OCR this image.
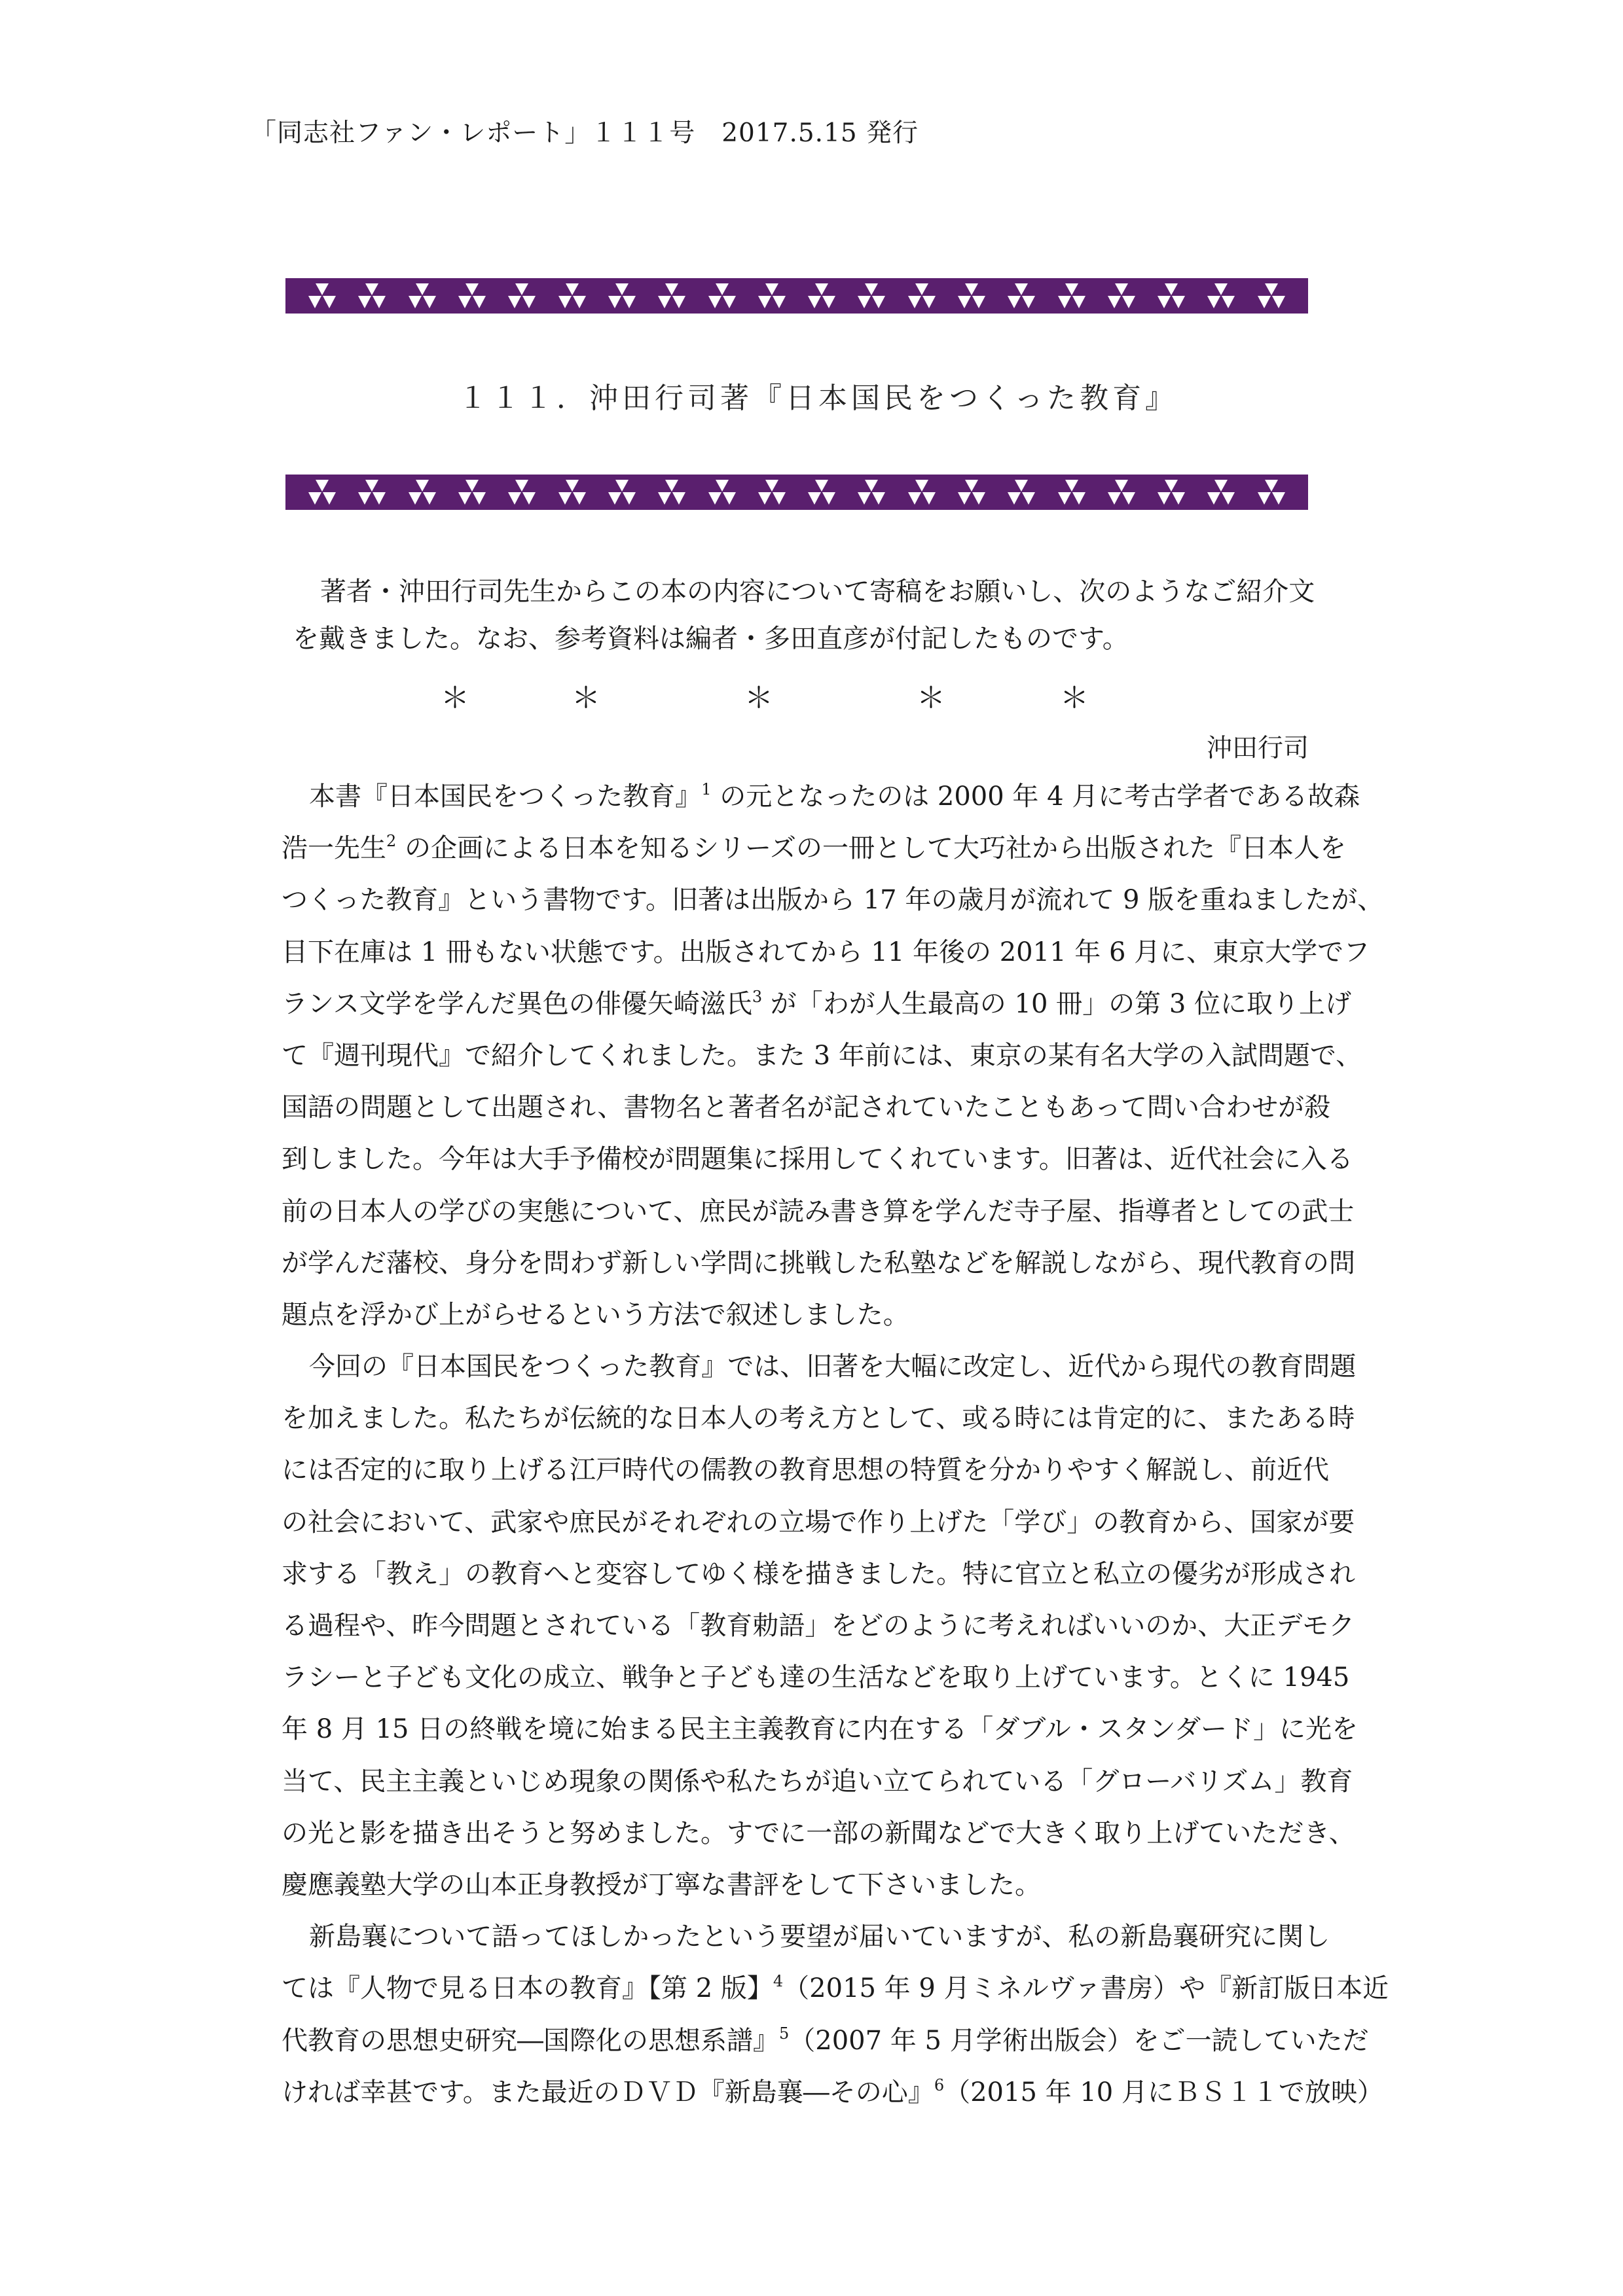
「同志社ファン・レポート」１１１号　2017.5.15 発行
１１１．沖田行司著『日本国民をつくった教育』
著者・沖田行司先生からこの本の内容について寄稿をお願いし、次のようなご紹介文
を戴きました。なお、参考資料は編者・多田直彦が付記したものです。
＊	＊	＊	＊	＊
沖田行司
本書『日本国民をつくった教育』$^1$ の元となったのは 2000 年 4 月に考古学者である故森
浩一先生$^2$ の企画による日本を知るシリーズの一冊として大巧社から出版された『日本人を
つくった教育』という書物です。旧著は出版から 17 年の歳月が流れて 9 版を重ねましたが、
目下在庫は 1 冊もない状態です。出版されてから 11 年後の 2011 年 6 月に、東京大学でフ
ランス文学を学んだ異色の俳優矢崎滋氏$^3$ が「わが人生最高の 10 冊」の第 3 位に取り上げ
て『週刊現代』で紹介してくれました。また 3 年前には、東京の某有名大学の入試問題で、
国語の問題として出題され、書物名と著者名が記されていたこともあって問い合わせが殺
到しました。今年は大手予備校が問題集に採用してくれています。旧著は、近代社会に入る
前の日本人の学びの実態について、庶民が読み書き算を学んだ寺子屋、指導者としての武士
が学んだ藩校、身分を問わず新しい学問に挑戦した私塾などを解説しながら、現代教育の問
題点を浮かび上がらせるという方法で叙述しました。
今回の『日本国民をつくった教育』では、旧著を大幅に改定し、近代から現代の教育問題
を加えました。私たちが伝統的な日本人の考え方として、或る時には肯定的に、またある時
には否定的に取り上げる江戸時代の儒教の教育思想の特質を分かりやすく解説し、前近代
の社会において、武家や庶民がそれぞれの立場で作り上げた「学び」の教育から、国家が要
求する「教え」の教育へと変容してゆく様を描きました。特に官立と私立の優劣が形成され
る過程や、昨今問題とされている「教育勅語」をどのように考えればいいのか、大正デモク
ラシーと子ども文化の成立、戦争と子ども達の生活などを取り上げています。とくに 1945
年 8 月 15 日の終戦を境に始まる民主主義教育に内在する「ダブル・スタンダード」に光を
当て、民主主義といじめ現象の関係や私たちが追い立てられている「グローバリズム」教育
の光と影を描き出そうと努めました。すでに一部の新聞などで大きく取り上げていただき、
慶應義塾大学の山本正身教授が丁寧な書評をして下さいました。
新島襄について語ってほしかったという要望が届いていますが、私の新島襄研究に関し
ては『人物で見る日本の教育』【第 2 版】$^4$（2015 年 9 月ミネルヴァ書房）や『新訂版日本近
代教育の思想史研究―国際化の思想系譜』$^5$（2007 年 5 月学術出版会）をご一読していただ
ければ幸甚です。また最近のＤＶＤ『新島襄―その心』$^6$（2015 年 10 月にＢＳ１１で放映）
